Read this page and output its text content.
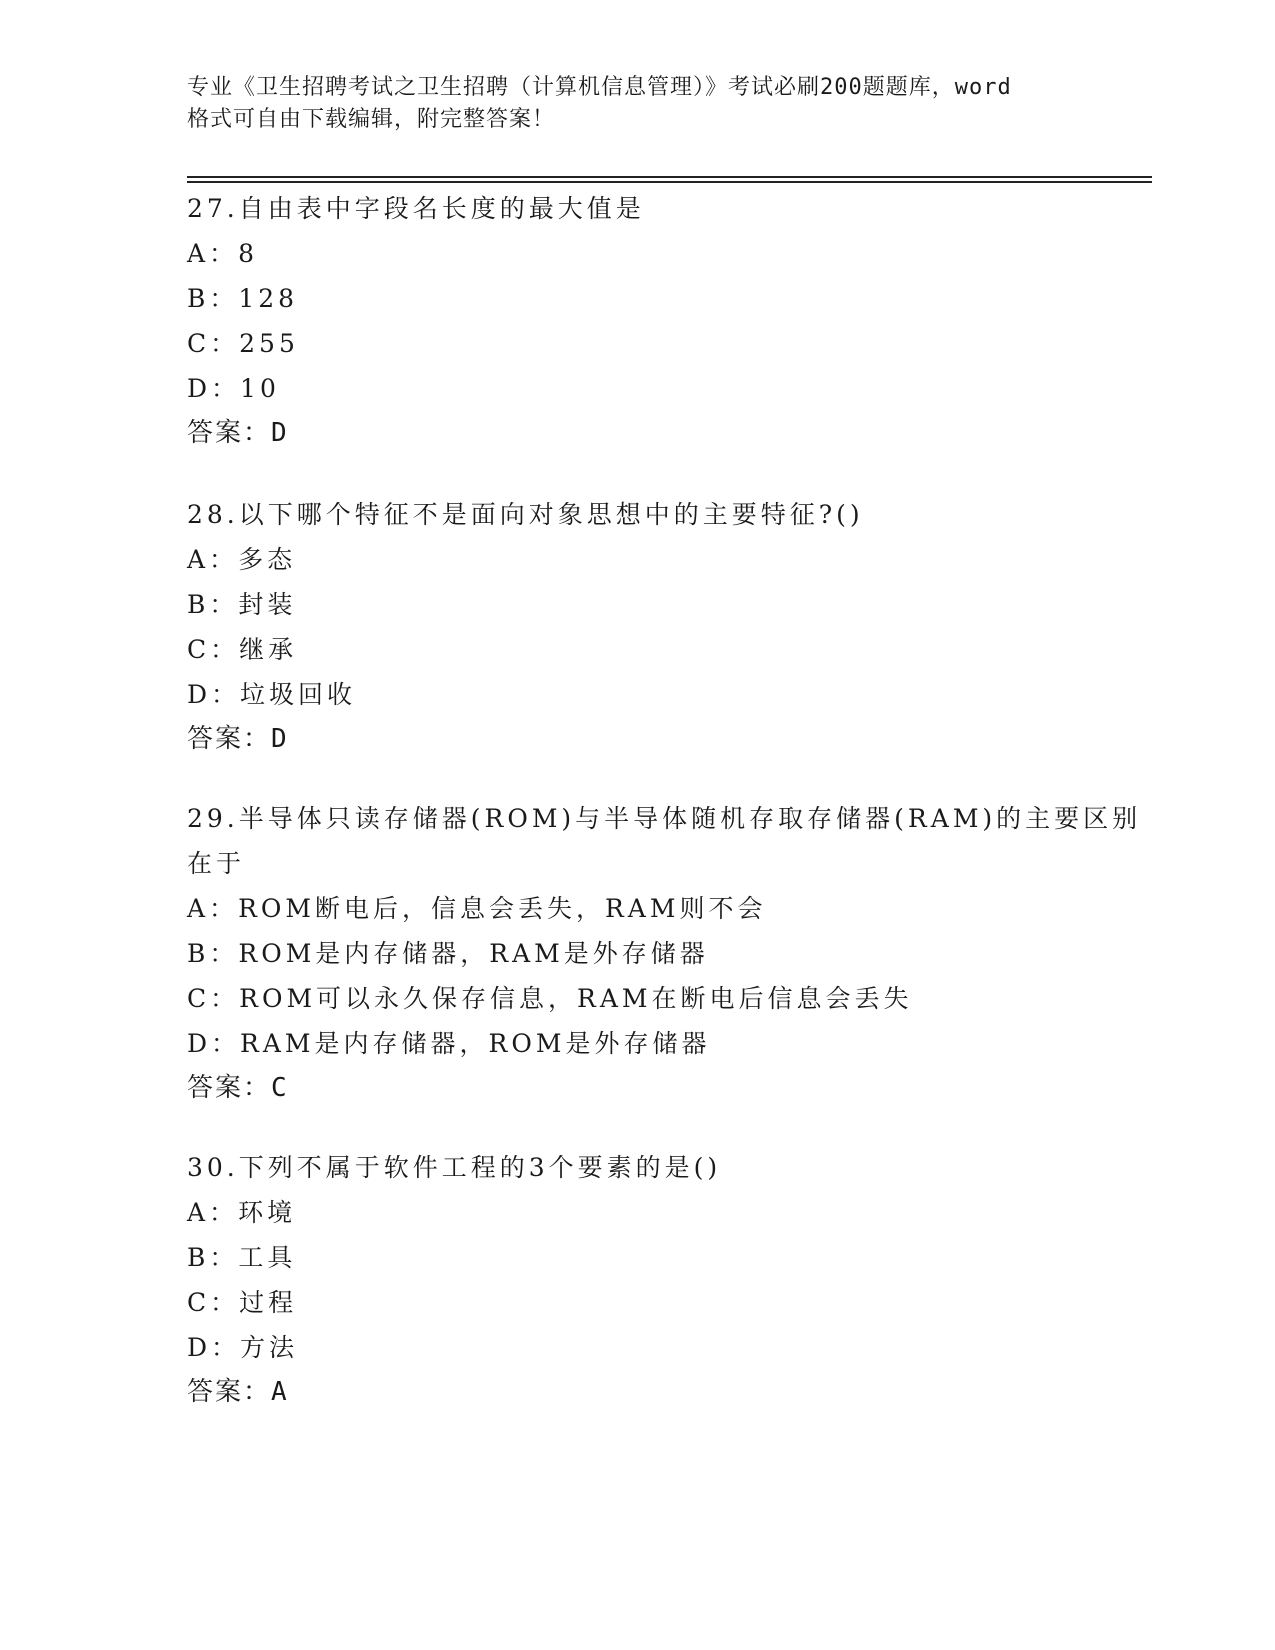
专业《卫生招聘考试之卫生招聘（计算机信息管理）》考试必刷200题题库，word
格式可自由下载编辑，附完整答案！
27.自由表中字段名长度的最大值是
A：8
B：128
C：255
D：10
答案：D
28.以下哪个特征不是面向对象思想中的主要特征?()
A：多态
B：封装
C：继承
D：垃圾回收
答案：D
29.半导体只读存储器(ROM)与半导体随机存取存储器(RAM)的主要区别
在于
A：ROM断电后，信息会丢失，RAM则不会
B：ROM是内存储器，RAM是外存储器
C：ROM可以永久保存信息，RAM在断电后信息会丢失
D：RAM是内存储器，ROM是外存储器
答案：C
30.下列不属于软件工程的3个要素的是()
A：环境
B：工具
C：过程
D：方法
答案：A
